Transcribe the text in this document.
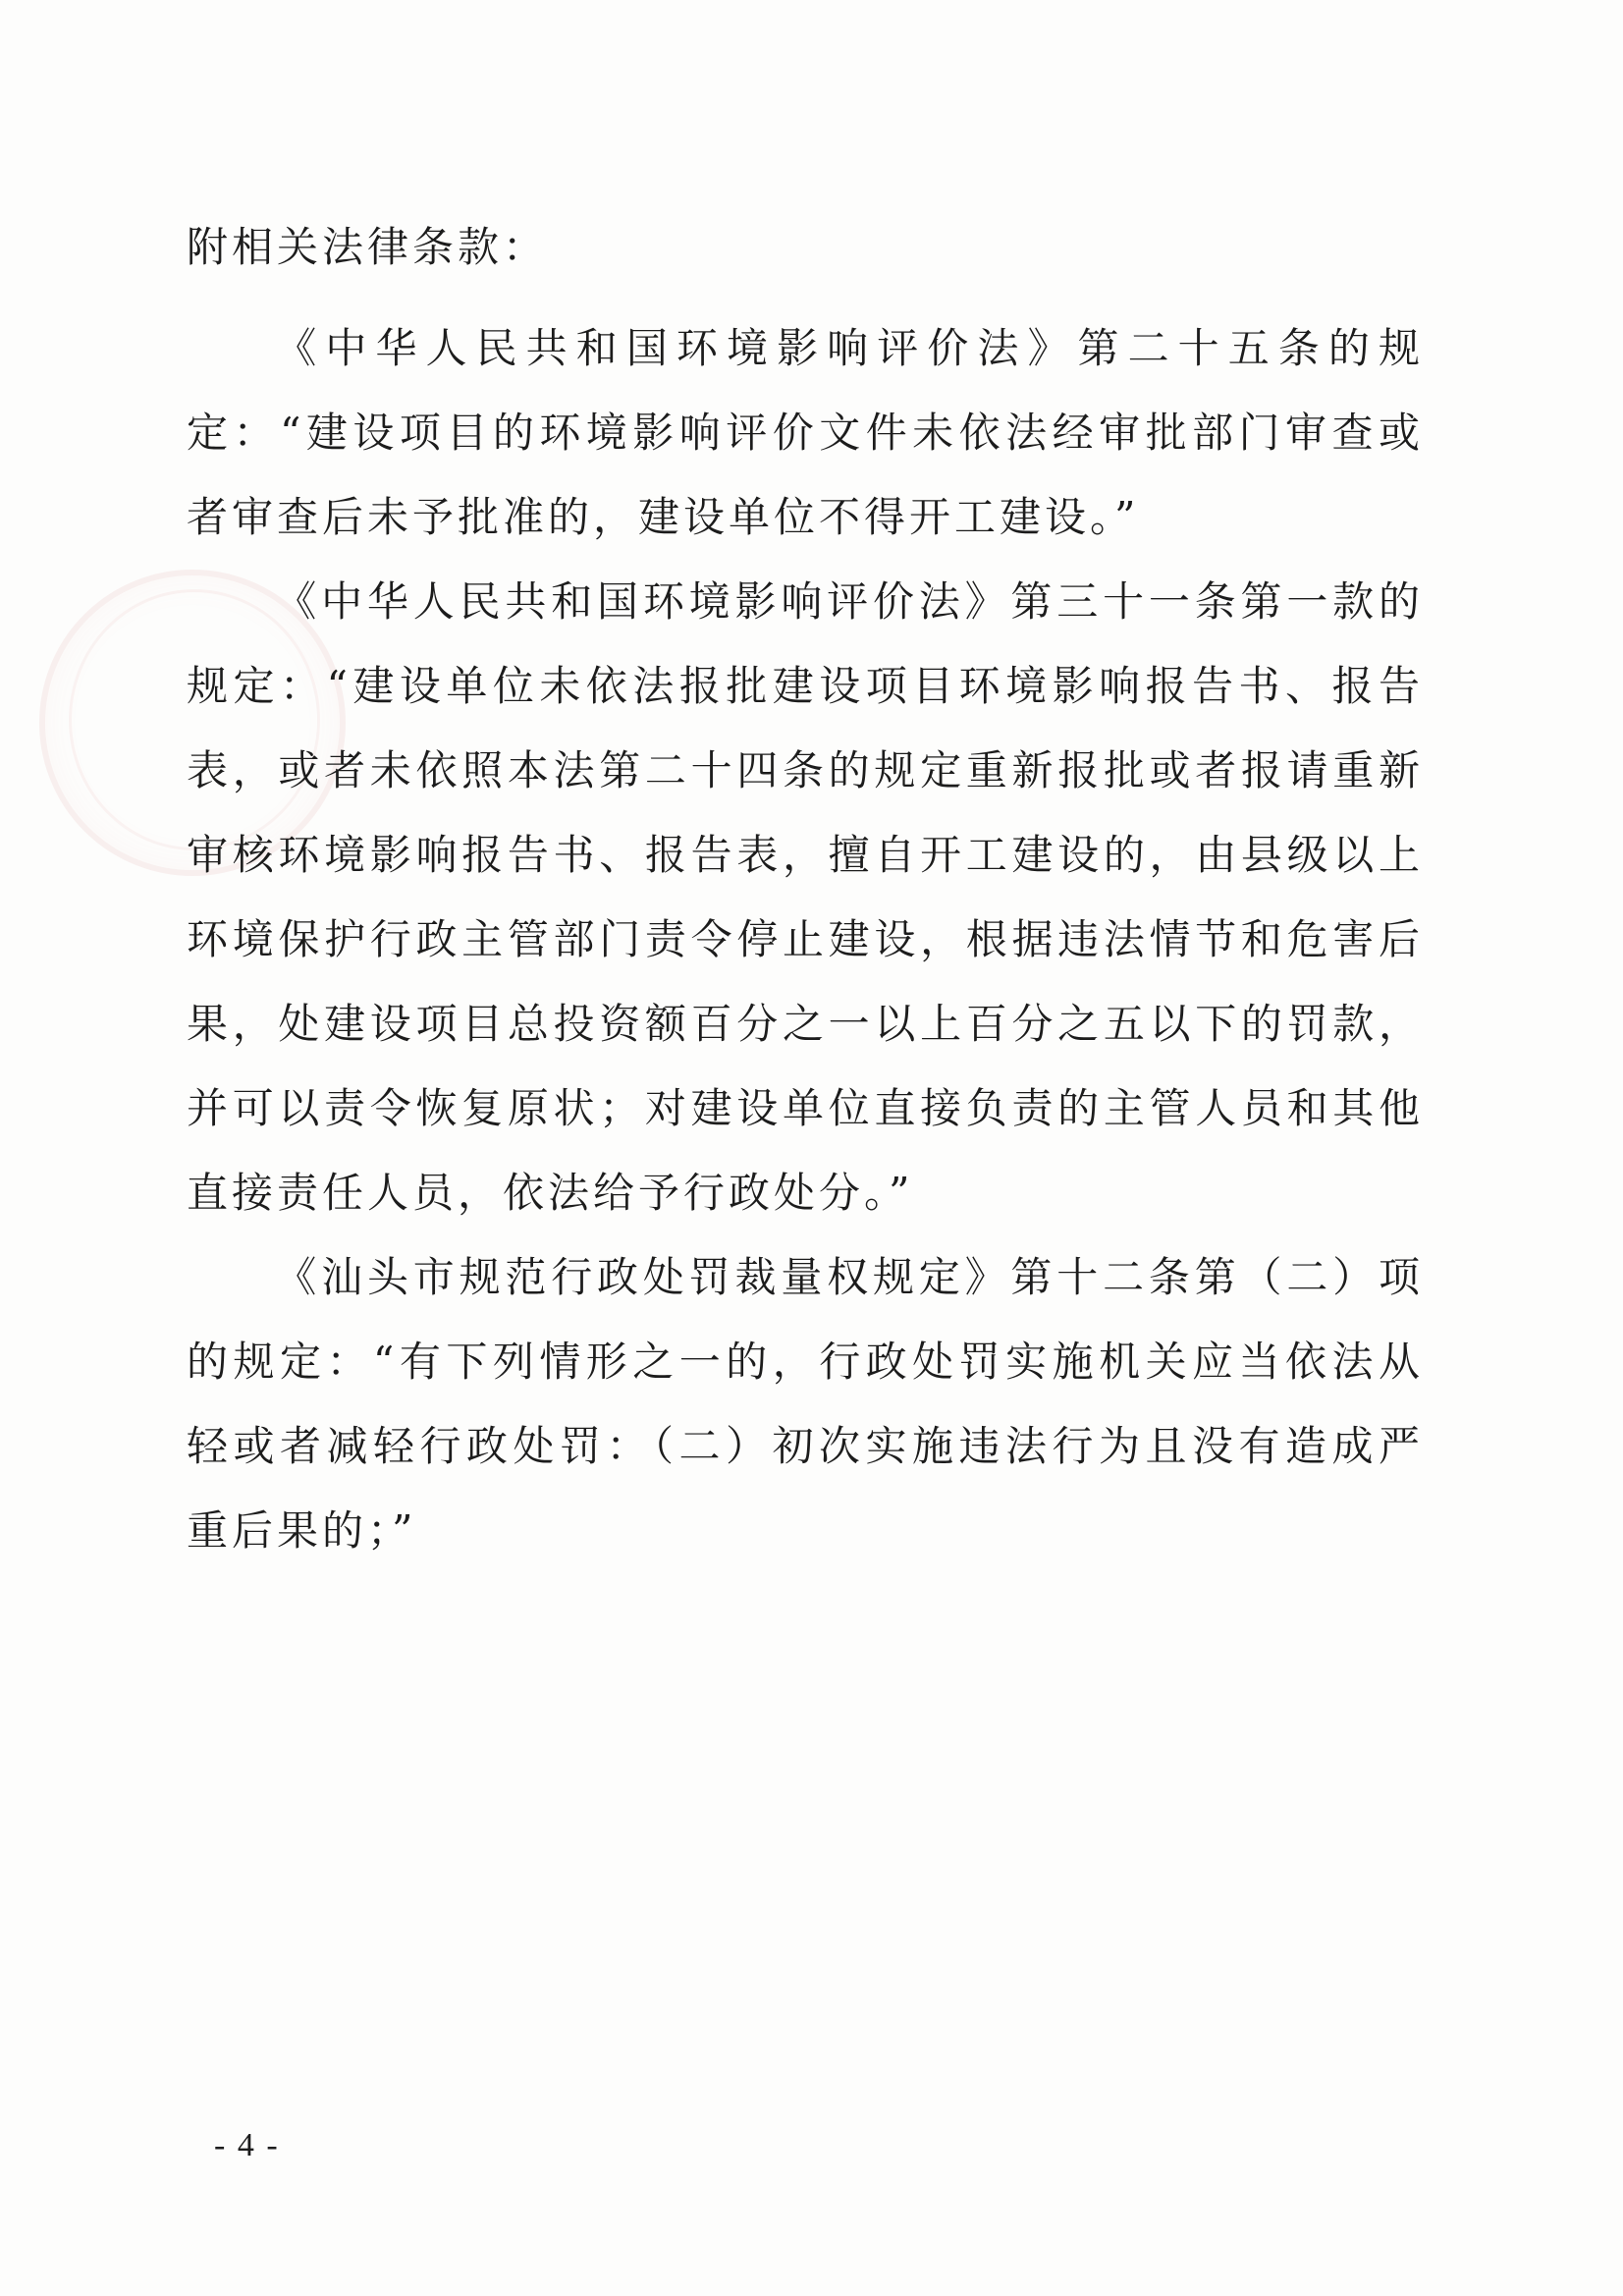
附相关法律条款：

《中华人民共和国环境影响评价法》第二十五条的规定：“建设项目的环境影响评价文件未依法经审批部门审查或者审查后未予批准的，建设单位不得开工建设。”

《中华人民共和国环境影响评价法》第三十一条第一款的规定：“建设单位未依法报批建设项目环境影响报告书、报告表，或者未依照本法第二十四条的规定重新报批或者报请重新审核环境影响报告书、报告表，擅自开工建设的，由县级以上环境保护行政主管部门责令停止建设，根据违法情节和危害后果，处建设项目总投资额百分之一以上百分之五以下的罚款，并可以责令恢复原状；对建设单位直接负责的主管人员和其他直接责任人员，依法给予行政处分。”

《汕头市规范行政处罚裁量权规定》第十二条第（二）项的规定：“有下列情形之一的，行政处罚实施机关应当依法从轻或者减轻行政处罚：（二）初次实施违法行为且没有造成严重后果的；”

- 4 -
